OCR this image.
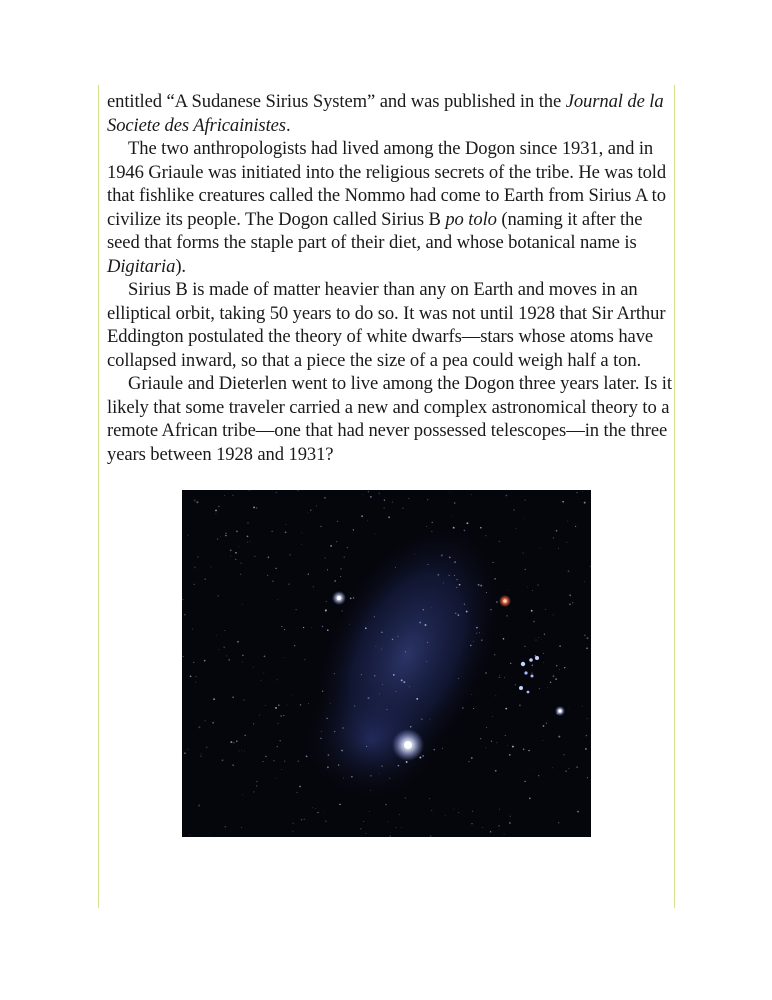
entitled “A Sudanese Sirius System” and was published in the Journal de la Societe des Africainistes.

The two anthropologists had lived among the Dogon since 1931, and in 1946 Griaule was initiated into the religious secrets of the tribe. He was told that fishlike creatures called the Nommo had come to Earth from Sirius A to civilize its people. The Dogon called Sirius B po tolo (naming it after the seed that forms the staple part of their diet, and whose botanical name is Digitaria).

Sirius B is made of matter heavier than any on Earth and moves in an elliptical orbit, taking 50 years to do so. It was not until 1928 that Sir Arthur Eddington postulated the theory of white dwarfs—stars whose atoms have collapsed inward, so that a piece the size of a pea could weigh half a ton.

Griaule and Dieterlen went to live among the Dogon three years later. Is it likely that some traveler carried a new and complex astronomical theory to a remote African tribe—one that had never possessed telescopes—in the three years between 1928 and 1931?
